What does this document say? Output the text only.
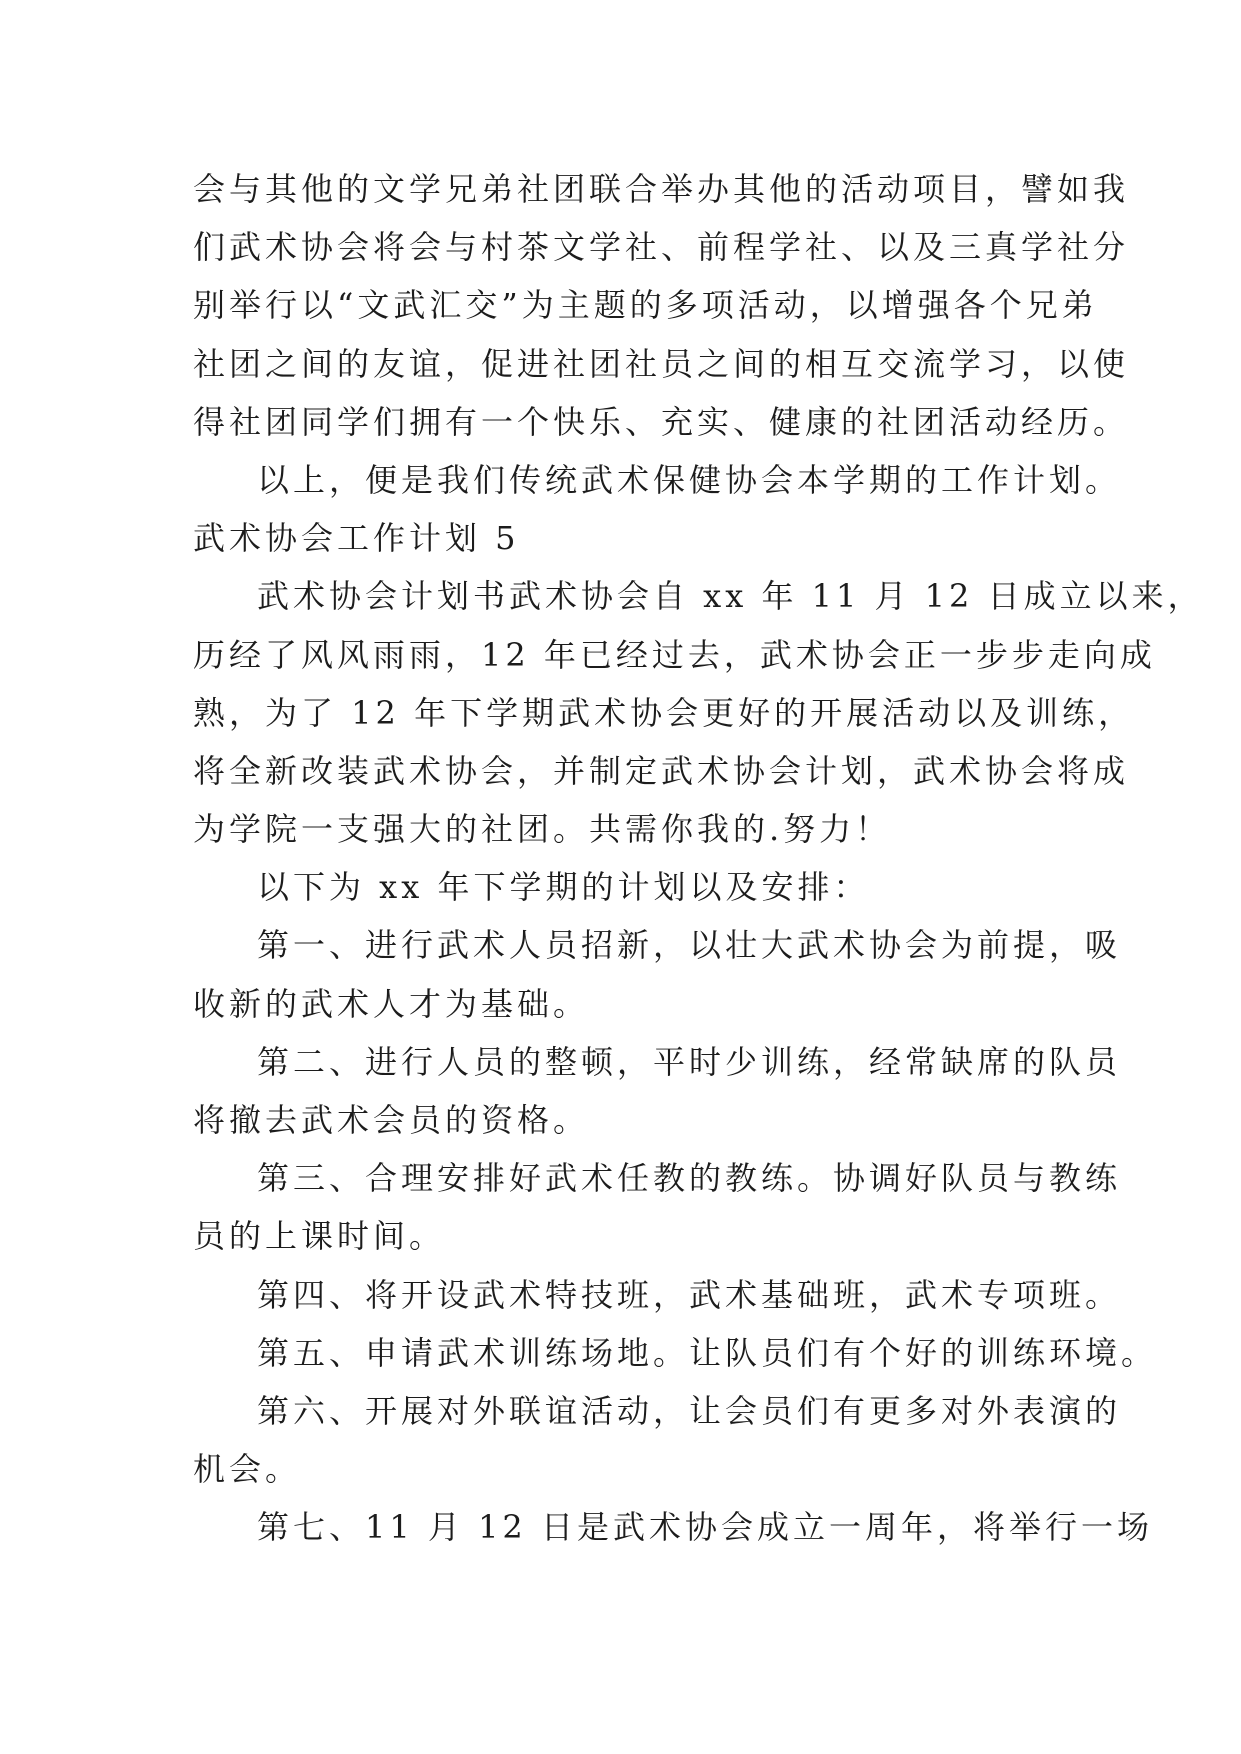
会与其他的文学兄弟社团联合举办其他的活动项目，譬如我

们武术协会将会与村茶文学社、前程学社、以及三真学社分

别举行以“文武汇交”为主题的多项活动，以增强各个兄弟

社团之间的友谊，促进社团社员之间的相互交流学习，以使

得社团同学们拥有一个快乐、充实、健康的社团活动经历。

以上，便是我们传统武术保健协会本学期的工作计划。

武术协会工作计划 5

武术协会计划书武术协会自 xx 年 11 月 12 日成立以来，

历经了风风雨雨，12 年已经过去，武术协会正一步步走向成

熟，为了 12 年下学期武术协会更好的开展活动以及训练，

将全新改装武术协会，并制定武术协会计划，武术协会将成

为学院一支强大的社团。共需你我的.努力！

以下为 xx 年下学期的计划以及安排：

第一、进行武术人员招新，以壮大武术协会为前提，吸

收新的武术人才为基础。

第二、进行人员的整顿，平时少训练，经常缺席的队员

将撤去武术会员的资格。

第三、合理安排好武术任教的教练。协调好队员与教练

员的上课时间。

第四、将开设武术特技班，武术基础班，武术专项班。

第五、申请武术训练场地。让队员们有个好的训练环境。

第六、开展对外联谊活动，让会员们有更多对外表演的

机会。

第七、11 月 12 日是武术协会成立一周年，将举行一场
